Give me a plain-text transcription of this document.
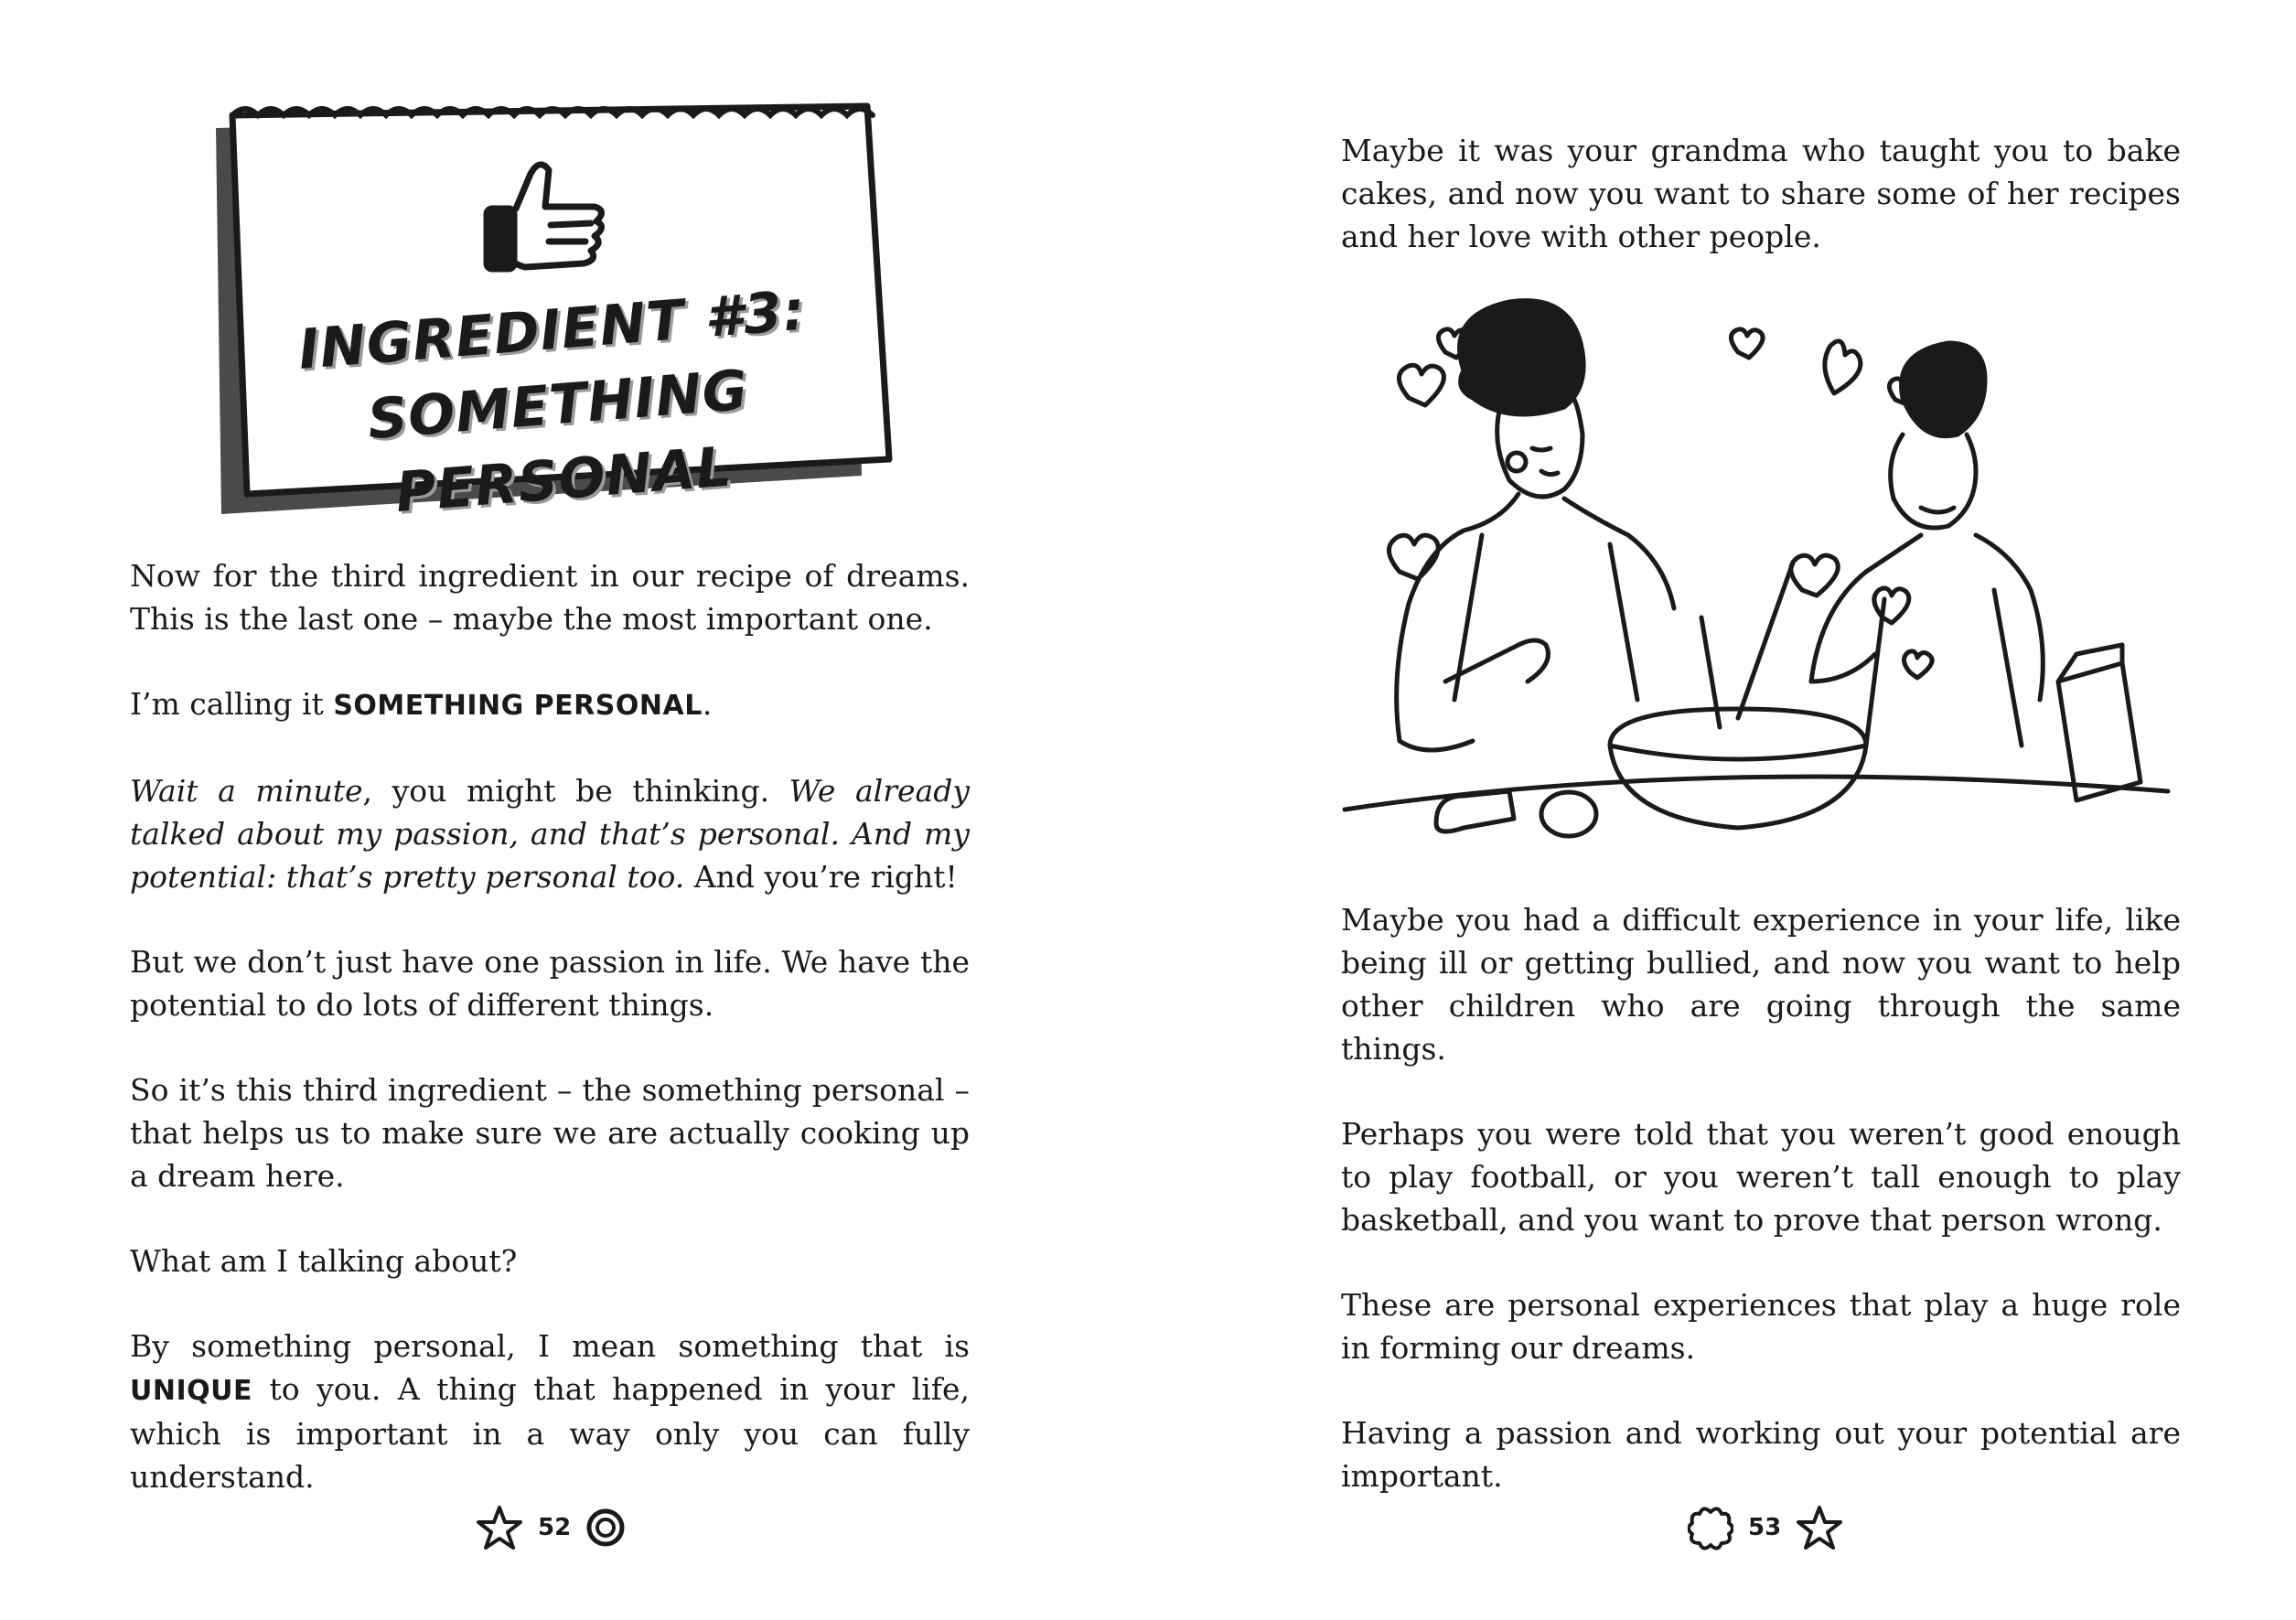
INGREDIENT #3:
SOMETHING PERSONAL

Now for the third ingredient in our recipe of dreams. This is the last one – maybe the most important one.

I’m calling it SOMETHING PERSONAL.

Wait a minute, you might be thinking. We already talked about my passion, and that’s personal. And my potential: that’s pretty personal too. And you’re right!

But we don’t just have one passion in life. We have the potential to do lots of different things.

So it’s this third ingredient – the something personal – that helps us to make sure we are actually cooking up a dream here.

What am I talking about?

By something personal, I mean something that is UNIQUE to you. A thing that happened in your life, which is important in a way only you can fully understand.

52

Maybe it was your grandma who taught you to bake cakes, and now you want to share some of her recipes and her love with other people.

Maybe you had a difficult experience in your life, like being ill or getting bullied, and now you want to help other children who are going through the same things.

Perhaps you were told that you weren’t good enough to play football, or you weren’t tall enough to play basketball, and you want to prove that person wrong.

These are personal experiences that play a huge role in forming our dreams.

Having a passion and working out your potential are important.

53
